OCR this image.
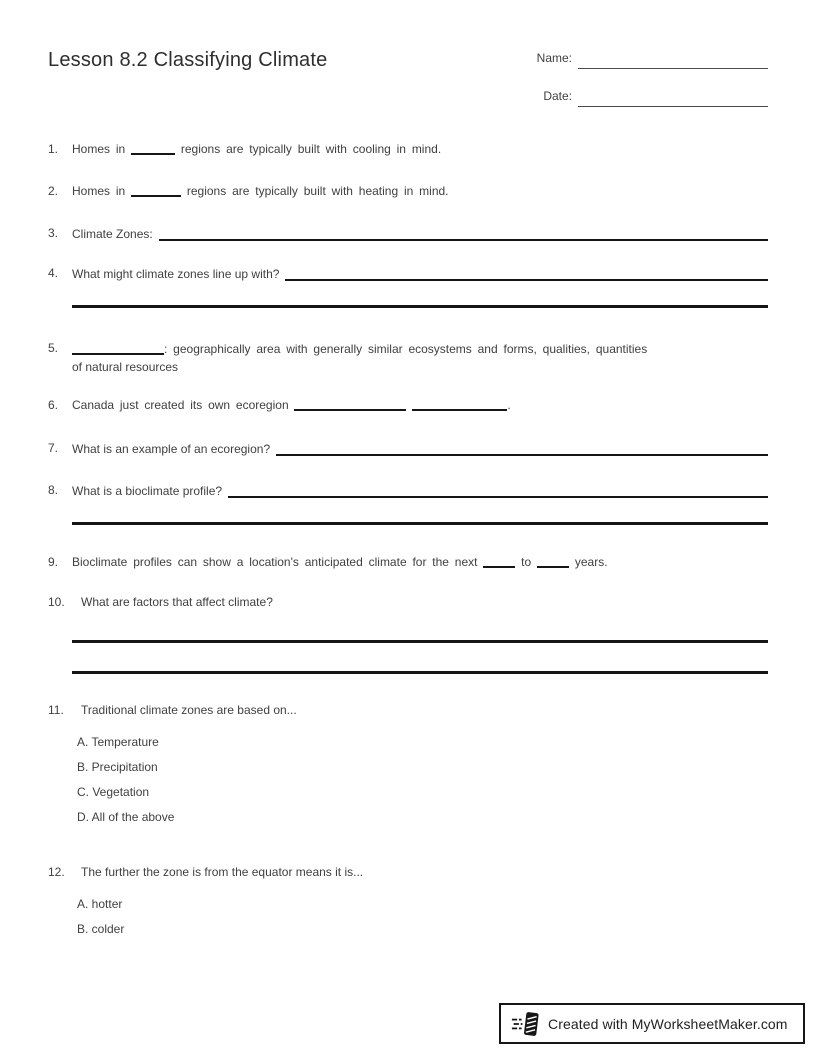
Lesson 8.2 Classifying Climate	Name:
Date:
1.	Homes in	regions are typically built with cooling in mind.
2.	Homes in	regions are typically built with heating in mind.
3.	Climate Zones:
4.	What might climate zones line up with?
5.	: geographically area with generally similar ecosystems and forms, qualities, quantities
of natural resources
6.	Canada just created its own ecoregion	.
7.	What is an example of an ecoregion?
8.	What is a bioclimate profile?
9.	Bioclimate profiles can show a location's anticipated climate for the next	to	years.
10.	What are factors that affect climate?
11.	Traditional climate zones are based on...
A. Temperature
B. Precipitation
C. Vegetation
D. All of the above
12.	The further the zone is from the equator means it is...
A. hotter
B. colder
Created with MyWorksheetMaker.com
